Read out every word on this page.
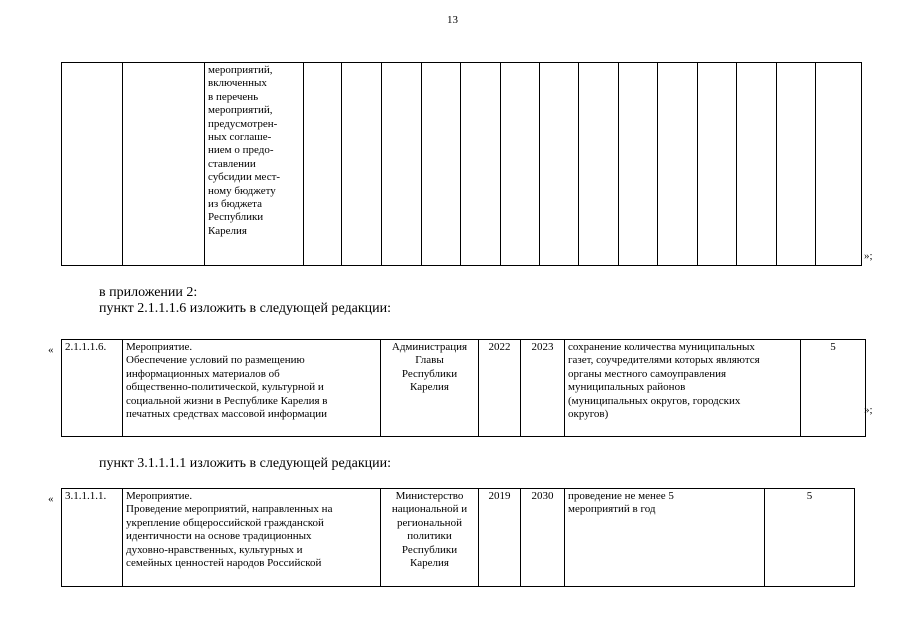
13
		мероприятий,
включенных
в перечень
мероприятий,
предусмотрен-
ных соглаше-
нием о предо-
ставлении
субсидии мест-
ному бюджету
из бюджета
Республики
Карелия														
»;
в приложении 2:
пункт 2.1.1.1.6 изложить в следующей редакции:
« 2.1.1.1.6.	Мероприятие.
Обеспечение условий по размещению
информационных материалов об
общественно-политической, культурной и
социальной жизни в Республике Карелия в
печатных средствах массовой информации	Администрация
Главы
Республики
Карелия	2022	2023	сохранение количества муниципальных
газет, соучредителями которых являются
органы местного самоуправления
муниципальных районов
(муниципальных округов, городских
округов)	5
»;
пункт 3.1.1.1.1 изложить в следующей редакции:
« 3.1.1.1.1.	Мероприятие.
Проведение мероприятий, направленных на
укрепление общероссийской гражданской
идентичности на основе традиционных
духовно-нравственных, культурных и
семейных ценностей народов Российской	Министерство
национальной и
региональной
политики
Республики
Карелия	2019	2030	проведение не менее 5
мероприятий в год	5
